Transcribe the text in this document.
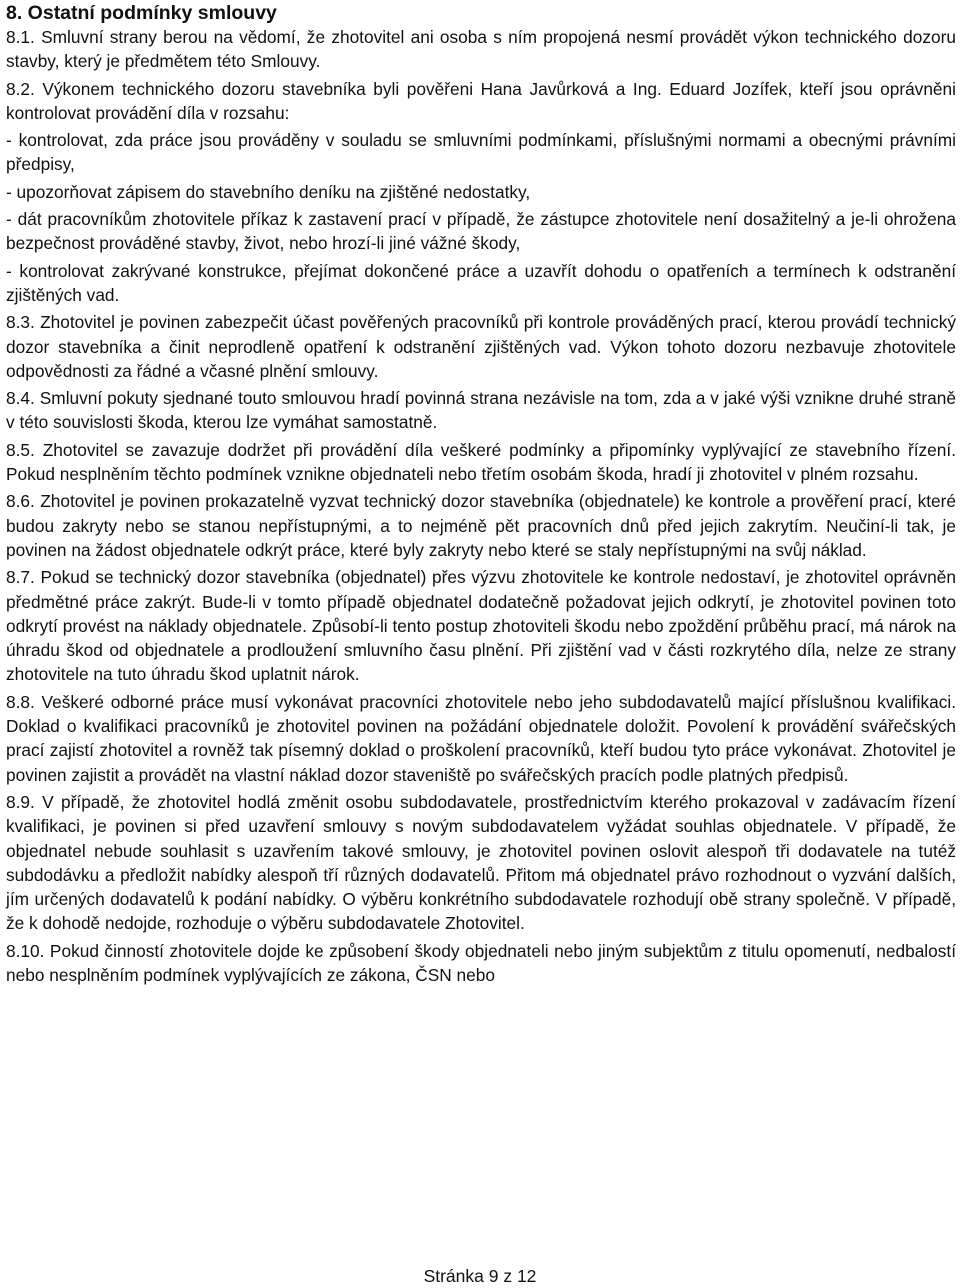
8. Ostatní podmínky smlouvy

8.1. Smluvní strany berou na vědomí, že zhotovitel ani osoba s ním propojená nesmí provádět výkon technického dozoru stavby, který je předmětem této Smlouvy.

8.2. Výkonem technického dozoru stavebníka byli pověřeni Hana Javůrková a Ing. Eduard Jozífek, kteří jsou oprávněni kontrolovat provádění díla v rozsahu:

- kontrolovat, zda práce jsou prováděny v souladu se smluvními podmínkami, příslušnými normami a obecnými právními předpisy,

- upozorňovat zápisem do stavebního deníku na zjištěné nedostatky,

- dát pracovníkům zhotovitele příkaz k zastavení prací v případě, že zástupce zhotovitele není dosažitelný a je-li ohrožena bezpečnost prováděné stavby, život, nebo hrozí-li jiné vážné škody,

- kontrolovat zakrývané konstrukce, přejímat dokončené práce a uzavřít dohodu o opatřeních a termínech k odstranění zjištěných vad.

8.3. Zhotovitel je povinen zabezpečit účast pověřených pracovníků při kontrole prováděných prací, kterou provádí technický dozor stavebníka a činit neprodleně opatření k odstranění zjištěných vad. Výkon tohoto dozoru nezbavuje zhotovitele odpovědnosti za řádné a včasné plnění smlouvy.

8.4. Smluvní pokuty sjednané touto smlouvou hradí povinná strana nezávisle na tom, zda a v jaké výši vznikne druhé straně v této souvislosti škoda, kterou lze vymáhat samostatně.

8.5. Zhotovitel se zavazuje dodržet při provádění díla veškeré podmínky a připomínky vyplývající ze stavebního řízení. Pokud nesplněním těchto podmínek vznikne objednateli nebo třetím osobám škoda, hradí ji zhotovitel v plném rozsahu.

8.6. Zhotovitel je povinen prokazatelně vyzvat technický dozor stavebníka (objednatele) ke kontrole a prověření prací, které budou zakryty nebo se stanou nepřístupnými, a to nejméně pět pracovních dnů před jejich zakrytím. Neučiní-li tak, je povinen na žádost objednatele odkrýt práce, které byly zakryty nebo které se staly nepřístupnými na svůj náklad.

8.7. Pokud se technický dozor stavebníka (objednatel) přes výzvu zhotovitele ke kontrole nedostaví, je zhotovitel oprávněn předmětné práce zakrýt. Bude-li v tomto případě objednatel dodatečně požadovat jejich odkrytí, je zhotovitel povinen toto odkrytí provést na náklady objednatele. Způsobí-li tento postup zhotoviteli škodu nebo zpoždění průběhu prací, má nárok na úhradu škod od objednatele a prodloužení smluvního času plnění. Při zjištění vad v části rozkrytého díla, nelze ze strany zhotovitele na tuto úhradu škod uplatnit nárok.

8.8. Veškeré odborné práce musí vykonávat pracovníci zhotovitele nebo jeho subdodavatelů mající příslušnou kvalifikaci. Doklad o kvalifikaci pracovníků je zhotovitel povinen na požádání objednatele doložit. Povolení k provádění svářečských prací zajistí zhotovitel a rovněž tak písemný doklad o proškolení pracovníků, kteří budou tyto práce vykonávat. Zhotovitel je povinen zajistit a provádět na vlastní náklad dozor staveniště po svářečských pracích podle platných předpisů.

8.9. V případě, že zhotovitel hodlá změnit osobu subdodavatele, prostřednictvím kterého prokazoval v zadávacím řízení kvalifikaci, je povinen si před uzavření smlouvy s novým subdodavatelem vyžádat souhlas objednatele. V případě, že objednatel nebude souhlasit s uzavřením takové smlouvy, je zhotovitel povinen oslovit alespoň tři dodavatele na tutéž subdodávku a předložit nabídky alespoň tří různých dodavatelů. Přitom má objednatel právo rozhodnout o vyzvání dalších, jím určených dodavatelů k podání nabídky. O výběru konkrétního subdodavatele rozhodují obě strany společně. V případě, že k dohodě nedojde, rozhoduje o výběru subdodavatele Zhotovitel.

8.10. Pokud činností zhotovitele dojde ke způsobení škody objednateli nebo jiným subjektům z titulu opomenutí, nedbalostí nebo nesplněním podmínek vyplývajících ze zákona, ČSN nebo

Stránka 9 z 12
